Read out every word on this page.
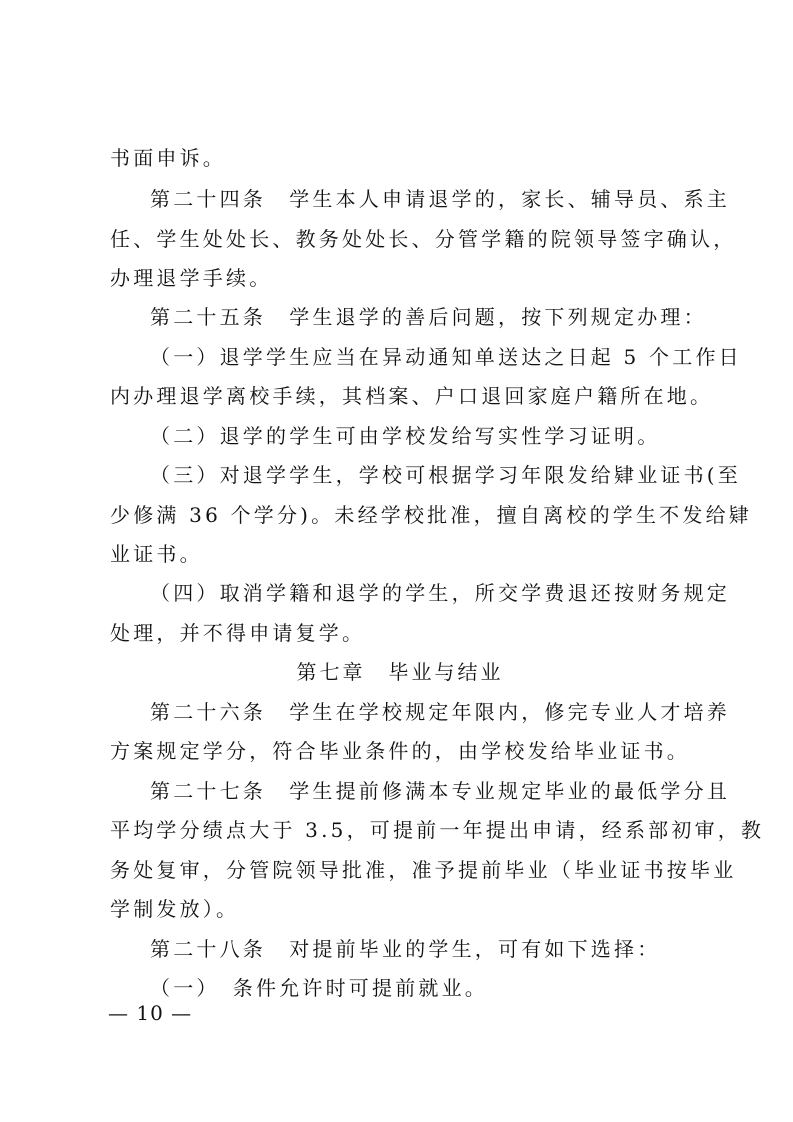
书面申诉。
第二十四条　学生本人申请退学的，家长、辅导员、系主
任、学生处处长、教务处处长、分管学籍的院领导签字确认，
办理退学手续。
第二十五条　学生退学的善后问题，按下列规定办理：
（一）退学学生应当在异动通知单送达之日起 5 个工作日
内办理退学离校手续，其档案、户口退回家庭户籍所在地。
（二）退学的学生可由学校发给写实性学习证明。
（三）对退学学生，学校可根据学习年限发给肄业证书(至
少修满 36 个学分)。未经学校批准，擅自离校的学生不发给肄
业证书。
（四）取消学籍和退学的学生，所交学费退还按财务规定
处理，并不得申请复学。
第七章　毕业与结业
第二十六条　学生在学校规定年限内，修完专业人才培养
方案规定学分，符合毕业条件的，由学校发给毕业证书。
第二十七条　学生提前修满本专业规定毕业的最低学分且
平均学分绩点大于 3.5，可提前一年提出申请，经系部初审，教
务处复审，分管院领导批准，准予提前毕业（毕业证书按毕业
学制发放）。
第二十八条　对提前毕业的学生，可有如下选择：
（一）　条件允许时可提前就业。
— 10 —
